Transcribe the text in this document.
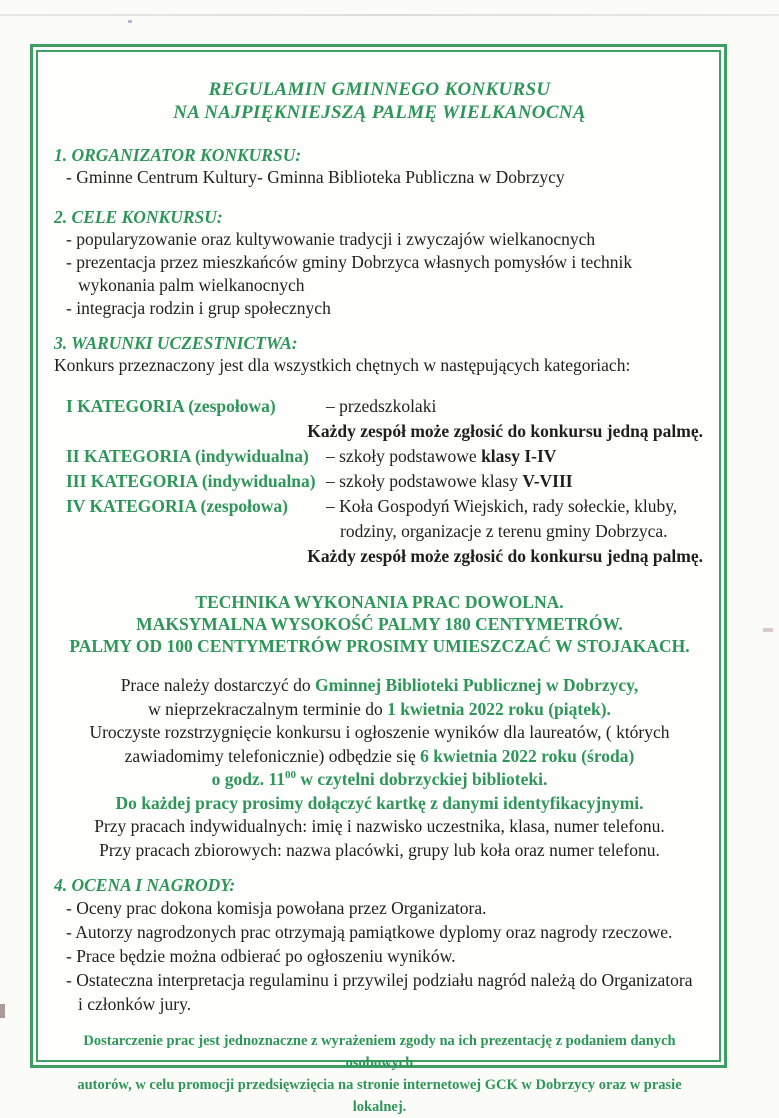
REGULAMIN GMINNEGO KONKURSU
NA NAJPIĘKNIEJSZĄ PALMĘ WIELKANOCNĄ
1. ORGANIZATOR KONKURSU:
- Gminne Centrum Kultury- Gminna Biblioteka Publiczna w Dobrzycy
2. CELE KONKURSU:
- popularyzowanie oraz kultywowanie tradycji i zwyczajów wielkanocnych
- prezentacja przez mieszkańców gminy Dobrzyca własnych pomysłów i technik
wykonania palm wielkanocnych
- integracja rodzin i grup społecznych
3. WARUNKI UCZESTNICTWA:
Konkurs przeznaczony jest dla wszystkich chętnych w następujących kategoriach:
I KATEGORIA (zespołowa)	– przedszkolaki
Każdy zespół może zgłosić do konkursu jedną palmę.
II KATEGORIA (indywidualna) – szkoły podstawowe klasy I-IV
III KATEGORIA (indywidualna) – szkoły podstawowe klasy V-VIII
IV KATEGORIA (zespołowa)	– Koła Gospodyń Wiejskich, rady sołeckie, kluby,
rodziny, organizacje z terenu gminy Dobrzyca.
Każdy zespół może zgłosić do konkursu jedną palmę.
TECHNIKA WYKONANIA PRAC DOWOLNA.
MAKSYMALNA WYSOKOŚĆ PALMY 180 CENTYMETRÓW.
PALMY OD 100 CENTYMETRÓW PROSIMY UMIESZCZAĆ W STOJAKACH.
Prace należy dostarczyć do Gminnej Biblioteki Publicznej w Dobrzycy,
w nieprzekraczalnym terminie do 1 kwietnia 2022 roku (piątek).
Uroczyste rozstrzygnięcie konkursu i ogłoszenie wyników dla laureatów, ( których
zawiadomimy telefonicznie) odbędzie się 6 kwietnia 2022 roku (środa)
o godz. $11^{00}$ w czytelni dobrzyckiej biblioteki.
Do każdej pracy prosimy dołączyć kartkę z danymi identyfikacyjnymi.
Przy pracach indywidualnych: imię i nazwisko uczestnika, klasa, numer telefonu.
Przy pracach zbiorowych: nazwa placówki, grupy lub koła oraz numer telefonu.
4. OCENA I NAGRODY:
- Oceny prac dokona komisja powołana przez Organizatora.
- Autorzy nagrodzonych prac otrzymają pamiątkowe dyplomy oraz nagrody rzeczowe.
- Prace będzie można odbierać po ogłoszeniu wyników.
- Ostateczna interpretacja regulaminu i przywilej podziału nagród należą do Organizatora
i członków jury.
Dostarczenie prac jest jednoznaczne z wyrażeniem zgody na ich prezentację z podaniem danych osobowych
autorów, w celu promocji przedsięwzięcia na stronie internetowej GCK w Dobrzycy oraz w prasie lokalnej.
